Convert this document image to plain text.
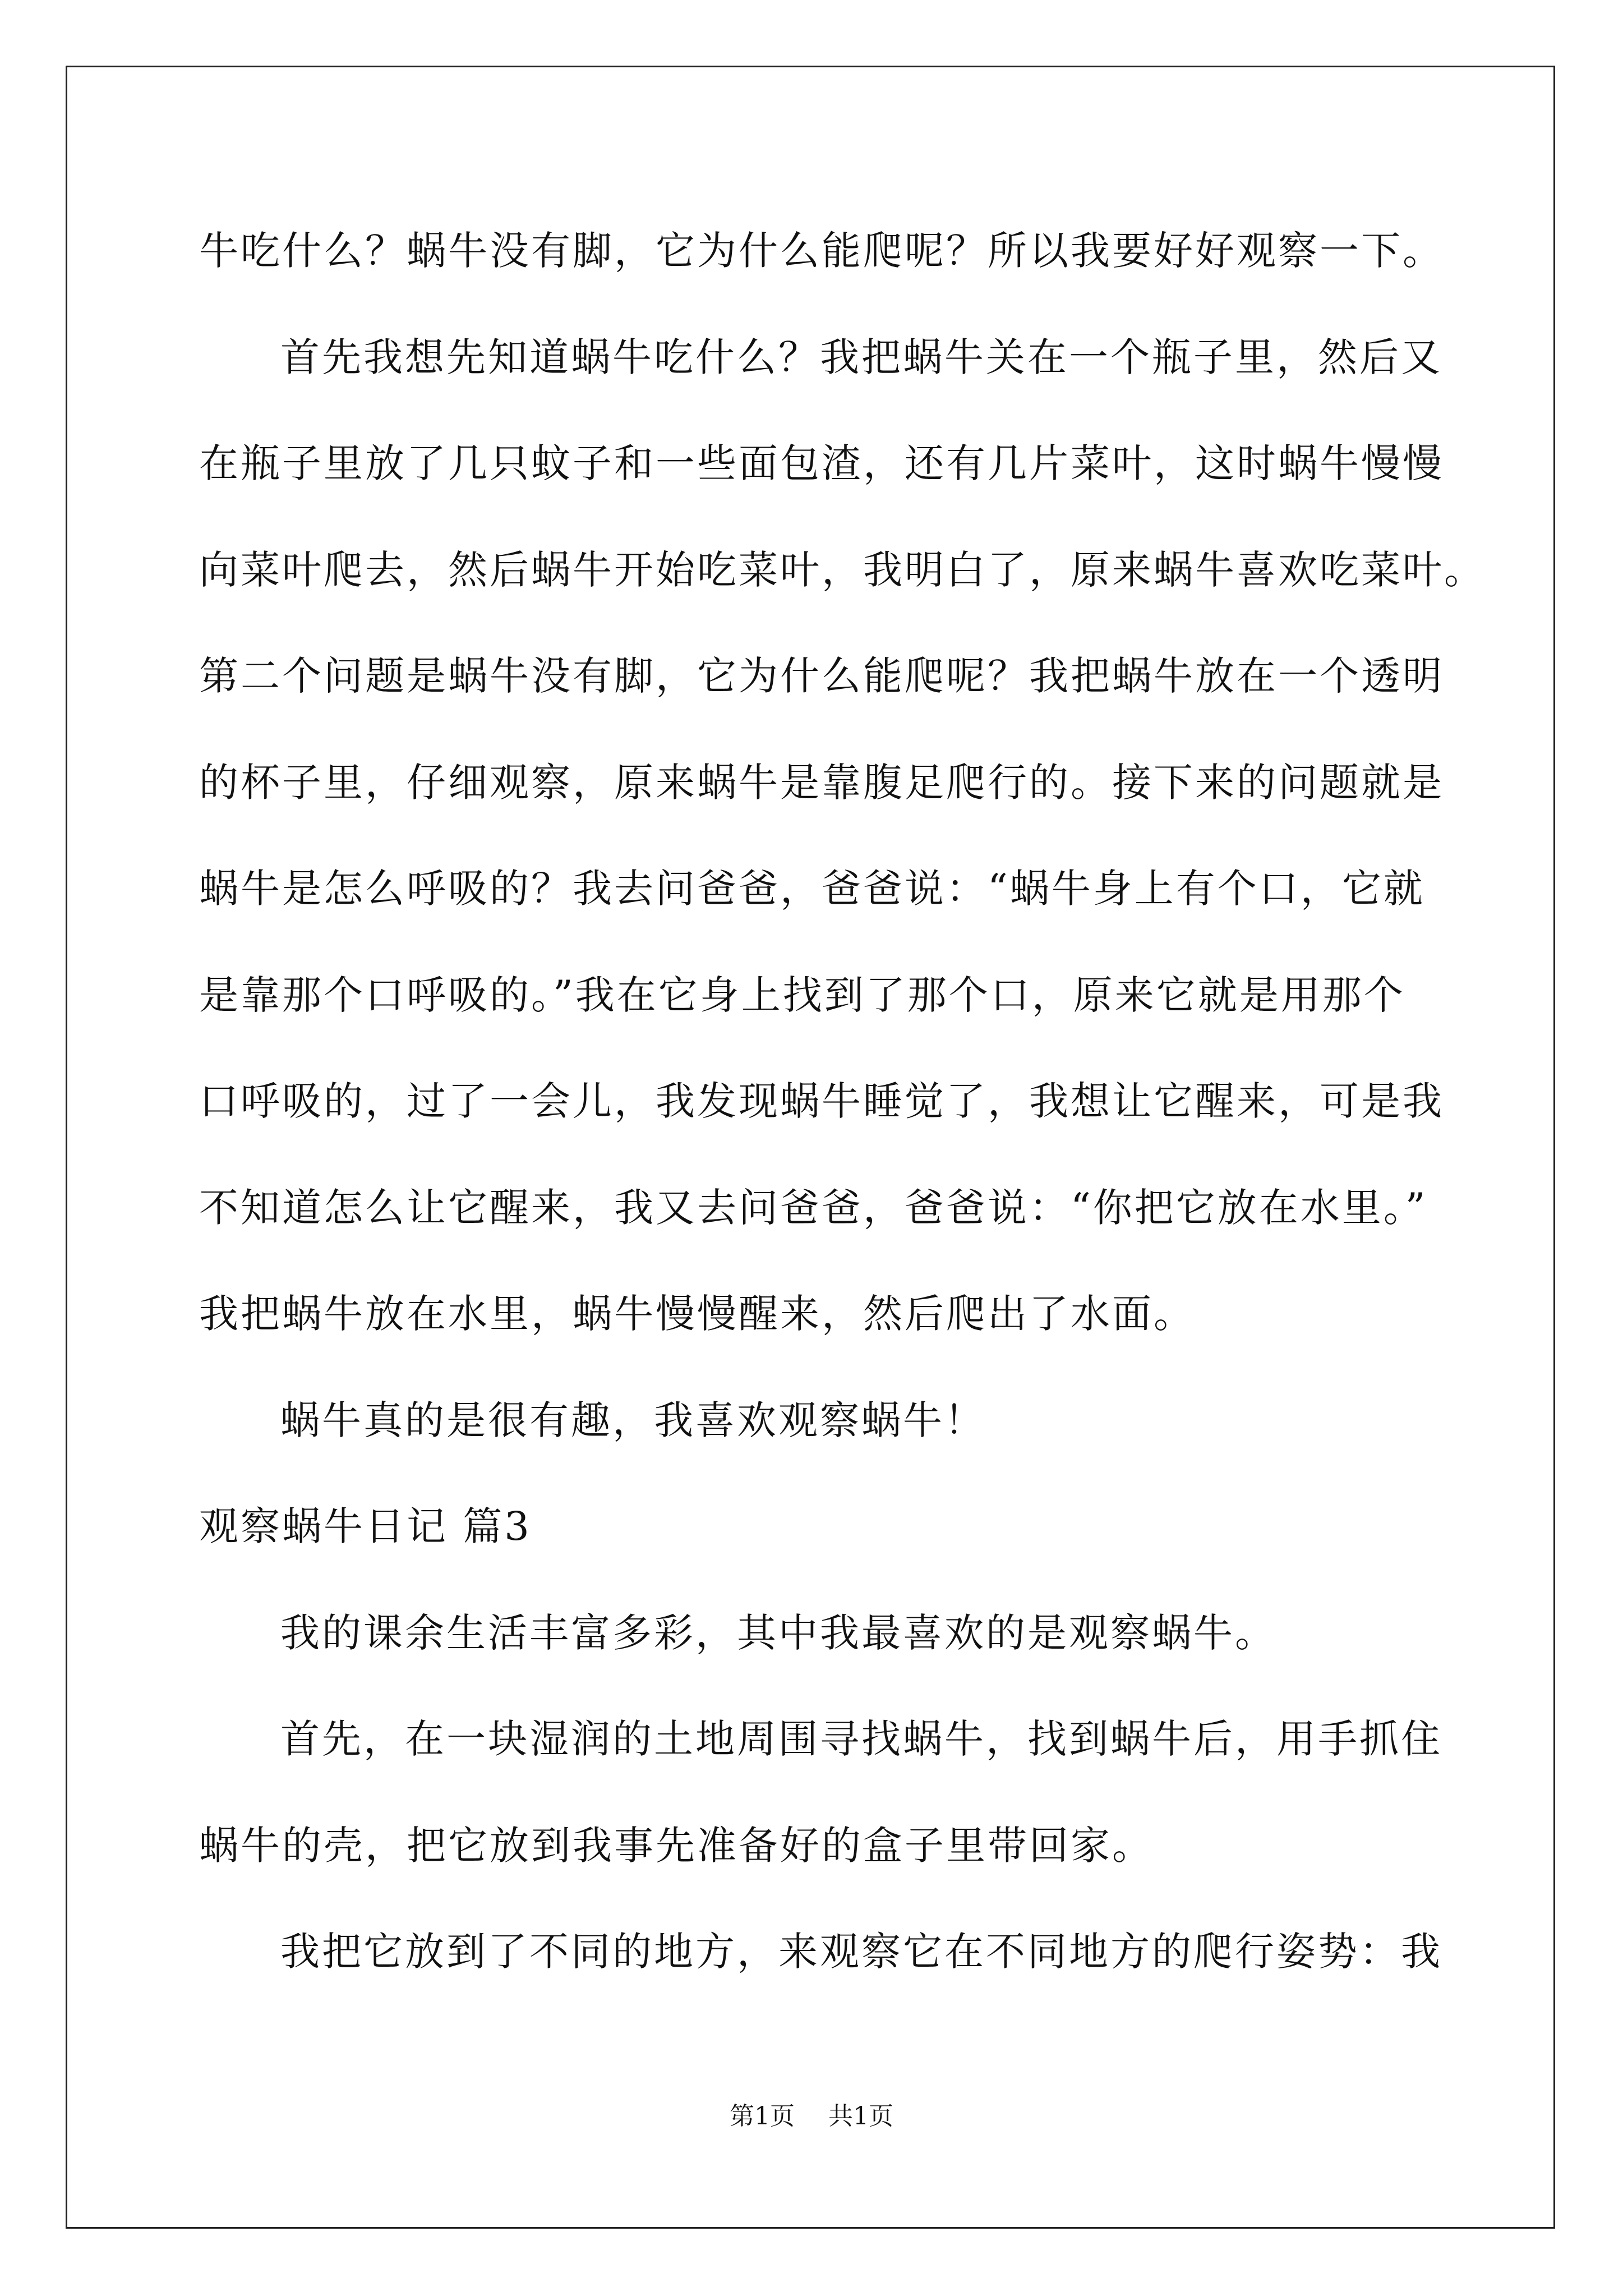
牛吃什么？蜗牛没有脚，它为什么能爬呢？所以我要好好观察一下。
首先我想先知道蜗牛吃什么？我把蜗牛关在一个瓶子里，然后又
在瓶子里放了几只蚊子和一些面包渣，还有几片菜叶，这时蜗牛慢慢
向菜叶爬去，然后蜗牛开始吃菜叶，我明白了，原来蜗牛喜欢吃菜叶。
第二个问题是蜗牛没有脚，它为什么能爬呢？我把蜗牛放在一个透明
的杯子里，仔细观察，原来蜗牛是靠腹足爬行的。接下来的问题就是
蜗牛是怎么呼吸的？我去问爸爸，爸爸说：“蜗牛身上有个口，它就
是靠那个口呼吸的。”我在它身上找到了那个口，原来它就是用那个
口呼吸的，过了一会儿，我发现蜗牛睡觉了，我想让它醒来，可是我
不知道怎么让它醒来，我又去问爸爸，爸爸说：“你把它放在水里。”
我把蜗牛放在水里，蜗牛慢慢醒来，然后爬出了水面。
蜗牛真的是很有趣，我喜欢观察蜗牛！
观察蜗牛日记 篇3
我的课余生活丰富多彩，其中我最喜欢的是观察蜗牛。
首先，在一块湿润的土地周围寻找蜗牛，找到蜗牛后，用手抓住
蜗牛的壳，把它放到我事先准备好的盒子里带回家。
我把它放到了不同的地方，来观察它在不同地方的爬行姿势：我
第1页 共1页
